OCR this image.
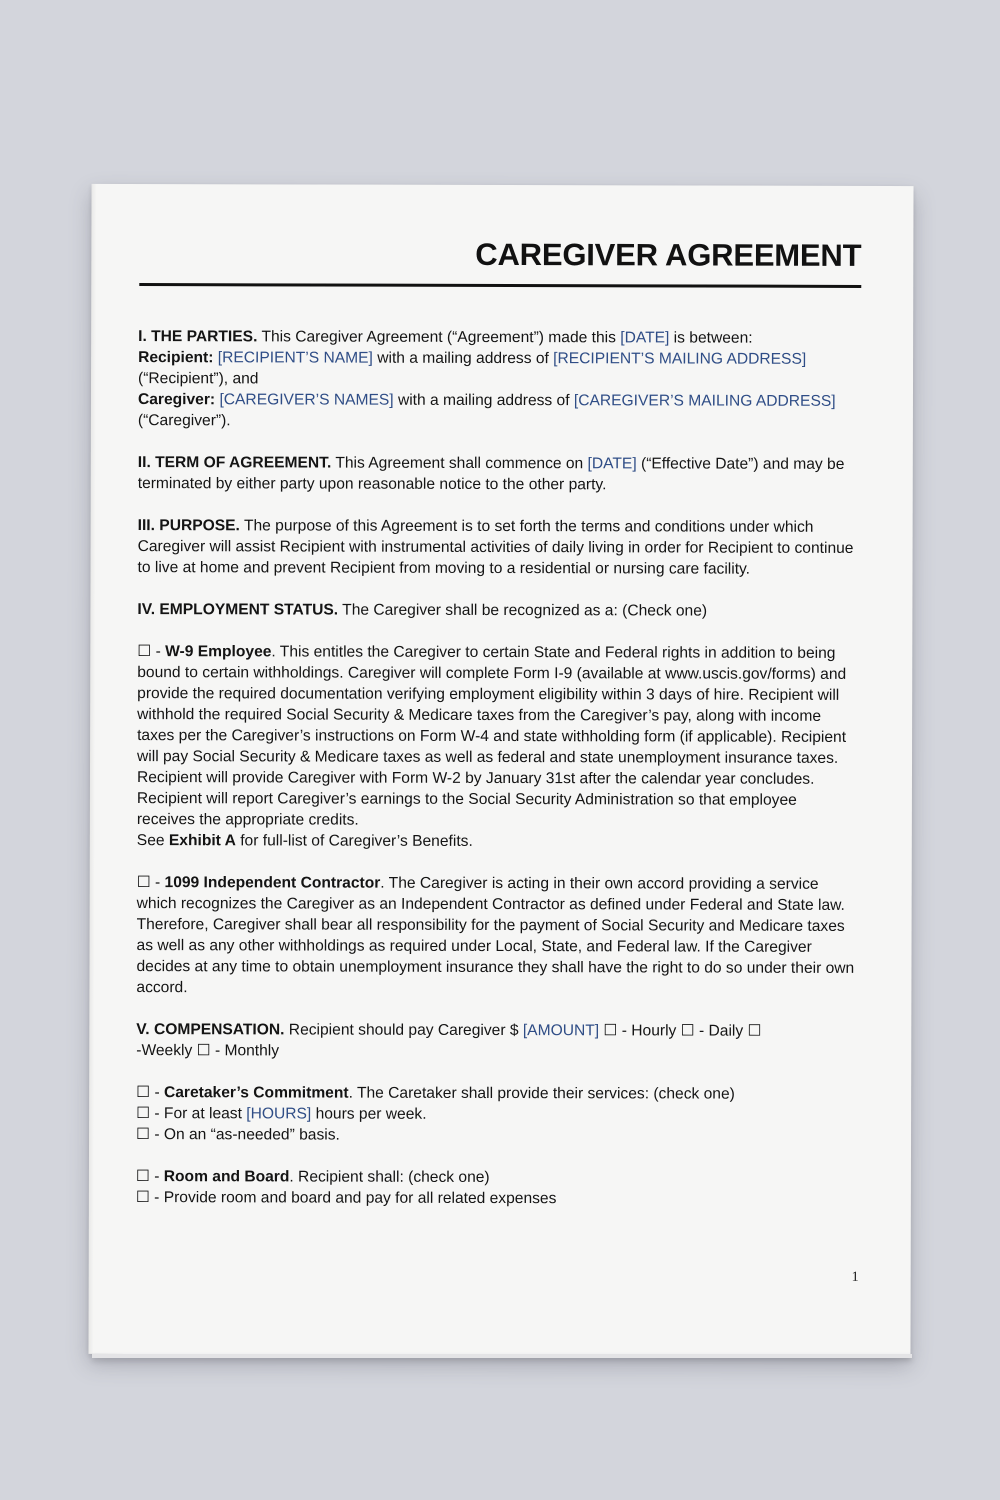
CAREGIVER AGREEMENT

I. THE PARTIES. This Caregiver Agreement (“Agreement”) made this [DATE] is between:
Recipient: [RECIPIENT’S NAME] with a mailing address of [RECIPIENT’S MAILING ADDRESS] (“Recipient”), and
Caregiver: [CAREGIVER’S NAMES] with a mailing address of [CAREGIVER’S MAILING ADDRESS] (“Caregiver”).

II. TERM OF AGREEMENT. This Agreement shall commence on [DATE] (“Effective Date”) and may be terminated by either party upon reasonable notice to the other party.

III. PURPOSE. The purpose of this Agreement is to set forth the terms and conditions under which Caregiver will assist Recipient with instrumental activities of daily living in order for Recipient to continue to live at home and prevent Recipient from moving to a residential or nursing care facility.

IV. EMPLOYMENT STATUS. The Caregiver shall be recognized as a: (Check one)

☐ - W-9 Employee. This entitles the Caregiver to certain State and Federal rights in addition to being bound to certain withholdings. Caregiver will complete Form I-9 (available at www.uscis.gov/forms) and provide the required documentation verifying employment eligibility within 3 days of hire. Recipient will withhold the required Social Security & Medicare taxes from the Caregiver’s pay, along with income taxes per the Caregiver’s instructions on Form W-4 and state withholding form (if applicable). Recipient will pay Social Security & Medicare taxes as well as federal and state unemployment insurance taxes. Recipient will provide Caregiver with Form W-2 by January 31st after the calendar year concludes. Recipient will report Caregiver’s earnings to the Social Security Administration so that employee receives the appropriate credits.
See Exhibit A for full-list of Caregiver’s Benefits.

☐ - 1099 Independent Contractor. The Caregiver is acting in their own accord providing a service which recognizes the Caregiver as an Independent Contractor as defined under Federal and State law. Therefore, Caregiver shall bear all responsibility for the payment of Social Security and Medicare taxes as well as any other withholdings as required under Local, State, and Federal law. If the Caregiver decides at any time to obtain unemployment insurance they shall have the right to do so under their own accord.

V. COMPENSATION. Recipient should pay Caregiver $ [AMOUNT] ☐ - Hourly ☐ - Daily ☐
-Weekly ☐ - Monthly

☐ - Caretaker’s Commitment. The Caretaker shall provide their services: (check one)
☐ - For at least [HOURS] hours per week.
☐ - On an “as-needed” basis.

☐ - Room and Board. Recipient shall: (check one)
☐ - Provide room and board and pay for all related expenses

1
